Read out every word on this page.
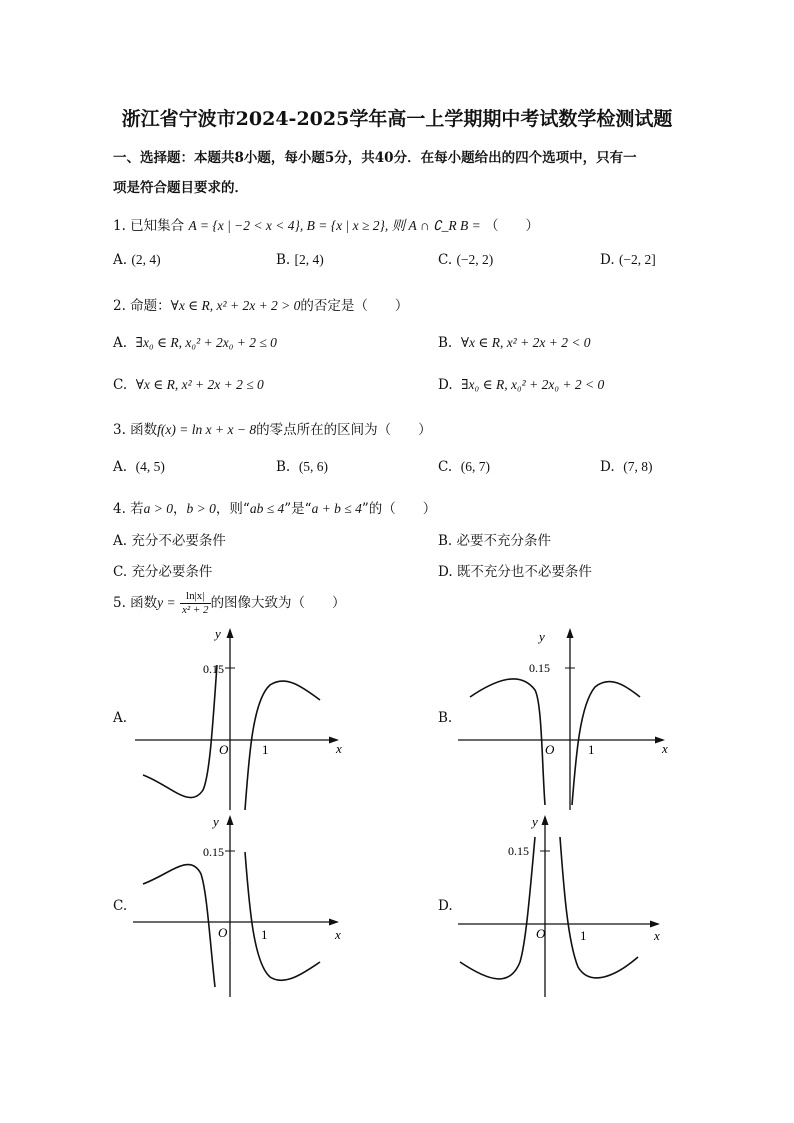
浙江省宁波市2024-2025学年高一上学期期中考试数学检测试题
一、选择题：本题共8小题，每小题5分，共40分．在每小题给出的四个选项中，只有一
项是符合题目要求的．
1. 已知集合 A = {x | −2 < x < 4}, B = {x | x ≥ 2}, 则 A ∩ ∁_R B = （　　）
A. (2, 4)	B. [2, 4)	C. (−2, 2)	D. (−2, 2]
2. 命题：∀x ∈ R, x² + 2x + 2 > 0的否定是（　　）
A. ∃x₀ ∈ R, x₀² + 2x₀ + 2 ≤ 0	B. ∀x ∈ R, x² + 2x + 2 < 0
C. ∀x ∈ R, x² + 2x + 2 ≤ 0	D. ∃x₀ ∈ R, x₀² + 2x₀ + 2 < 0
3. 函数f(x) = ln x + x − 8的零点所在的区间为（　　）
A. (4, 5)	B. (5, 6)	C. (6, 7)	D. (7, 8)
4. 若a > 0，b > 0，则“ab ≤ 4”是“a + b ≤ 4”的（　　）
A. 充分不必要条件	B. 必要不充分条件
C. 充分必要条件	D. 既不充分也不必要条件
5. 函数$y = \frac{\ln|x|}{\text{x² + 2}}$ 的图像大致为（　　）
A.	B.
C.	D.
0.15
y
x
O	1
0.15
y
x
O	1
0.15
y
x
O	1
0.15
y
x
O	1
